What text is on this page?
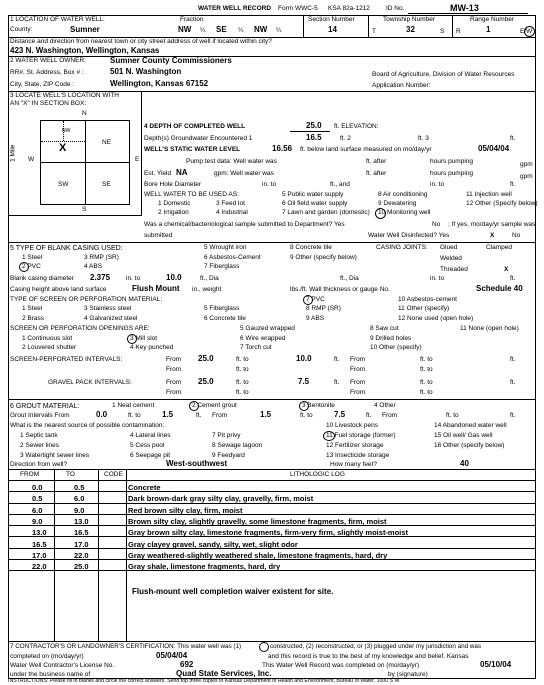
WATER WELL RECORD Form WWC-5 KSA 82a-1212 ID No.	MW-13
1 LOCATION OF WATER WELL:
County:	Sumner
Fraction
NW ¼ SE ¼ NW ¼
Section Number
14
Township Number
T	32	S
Range Number
R	1	E/W
Distance and direction from nearest town or city street address of well if located within city?
423 N. Washington, Wellington, Kansas
2 WATER WELL OWNER:	Sumner County Commissioners
RR#, St. Address, Box # :	501 N. Washington
City, State, ZIP Code :	Wellington, Kansas 67152
Board of Agriculture, Division of Water Resources
Application Number:
3 LOCATE WELL'S LOCATION WITH
AN "X" IN SECTION BOX:
N
S
W	E
1 Mile
NW
NE
SW	SE
X
4 DEPTH OF COMPLETED WELL	25.0 ft. ELEVATION:
Depth(s) Groundwater Encountered 1	16.5	ft. 2	ft. 3	ft.
WELL'S STATIC WATER LEVEL	16.56 ft. below land surface measured on mo/day/yr	05/04/04
Pump test data: Well water was	ft. after	hours pumping	gpm
Est. Yield NA	gpm: Well water was	ft. after	hours pumping	gpm
Bore Hole Diameter	in. to	ft., and	in. to	ft.
WELL WATER TO BE USED AS:
1 Domestic
2 Irrigation
3 Feed lot
4 Industrial
5 Public water supply
6 Oil field water supply
7 Lawn and garden (domestic)
8 Air conditioning
9 Dewatering
10 Monitoring well
11 Injection well
12 Other (Specify below)
Was a chemical/bacteriological sample submitted to Department? Yes	No ; If yes, mo/day/yr sample was
submitted	Water Well Disinfected? Yes	X	No
5 TYPE OF BLANK CASING USED:
1 Steel
2 PVC
3 RMP (SR)
4 ABS
5 Wrought iron
6 Asbestos-Cement
7 Fiberglass
8 Concrete tile
9 Other (specify below)
CASING JOINTS: Glued	Clamped
Welded
Threaded	X
Blank casing diameter 2.375 in. to	10.0	ft., Dia	ft., Dia	in. to	ft.
Casing height above land surface	Flush Mount in., weight	lbs./ft. Wall thickness or gauge No.	Schedule 40
TYPE OF SCREEN OR PERFORATION MATERIAL:
1 Steel
2 Brass
3 Stainless steel
4 Galvanized steel
5 Fiberglass
6 Concrete tile
7 PVC
8 RMP (SR)
9 ABS
10 Asbestos-cement
11 Other (specify)
12 None used (open hole)
SCREEN OR PERFORATION OPENINGS ARE:
1 Continuous slot
2 Louvered shutter
3 Mill slot
4 Key punched
5 Gauzed wrapped
6 Wire wrapped
7 Torch cut
8 Saw cut
9 Drilled holes
10 Other (specify)
11 None (open hole)
SCREEN-PERFORATED INTERVALS:	From 25.0	ft. to	10.0	ft. From	ft. to	ft.
From	ft. to	From	ft. to
GRAVEL PACK INTERVALS:	From 25.0	ft. to	7.5	ft. From	ft. to	ft.
From	ft. to	From	ft. to
6 GROUT MATERIAL:	1 Neat cement	2 Cement grout	3 Bentonite	4 Other
Grout Intervals From	0.0	ft. to	1.5	ft. From	1.5	ft. to	7.5	ft. From	ft. to	ft.
What is the nearest source of possible contamination:
1 Septic tank
2 Sewer lines
3 Watertight sewer lines
4 Lateral lines
5 Cess pool
6 Seepage pit
7 Pit privy
8 Sewage lagoon
9 Feedyard
10 Livestock pens
11 Fuel storage (former)
12 Fertilizer storage
13 Insecticide storage
14 Abandoned water well
15 Oil well/ Gas well
16 Other (specify below)
Direction from well?	West-southwest	How many feet?	40
FROM	TO	CODE	LITHOLOGIC LOG
0.0	0.5	Concrete
0.5	6.0	Dark brown-dark gray silty clay, gravelly, firm, moist
6.0	9.0	Red brown silty clay, firm, moist
9.0	13.0	Brown silty clay, slightly gravelly, some limestone fragments, firm, moist
13.0	16.5	Gray brown silty clay, limestone fragments, firm-very firm, slightly moist-moist
16.5	17.0	Gray clayey gravel, sandy, silty, wet, slight odor
17.0	22.0	Gray weathered-slightly weathered shale, limestone fragments, hard, dry
22.0	25.0	Gray shale, limestone fragments, hard, dry
Flush-mount well completion waiver existent for site.
7 CONTRACTOR'S OR LANDOWNER'S CERTIFICATION: This water well was (1)	constructed, (2) reconstructed, or (3) plugged under my jurisdiction and was
completed on (mo/day/yr)	05/04/04	and this record is true to the best of my knowledge and belief. Kansas
Water Well Contractor's License No.	692	This Water Well Record was completed on (mo/day/yr)	05/10/04
under the business name of	Quad State Services, Inc.	by (signature)
INSTRUCTIONS: Please fill in blanks and circle the correct answers. Send top three copies to Kansas Department of Health and Environment, Bureau of Water, 1000 S W
